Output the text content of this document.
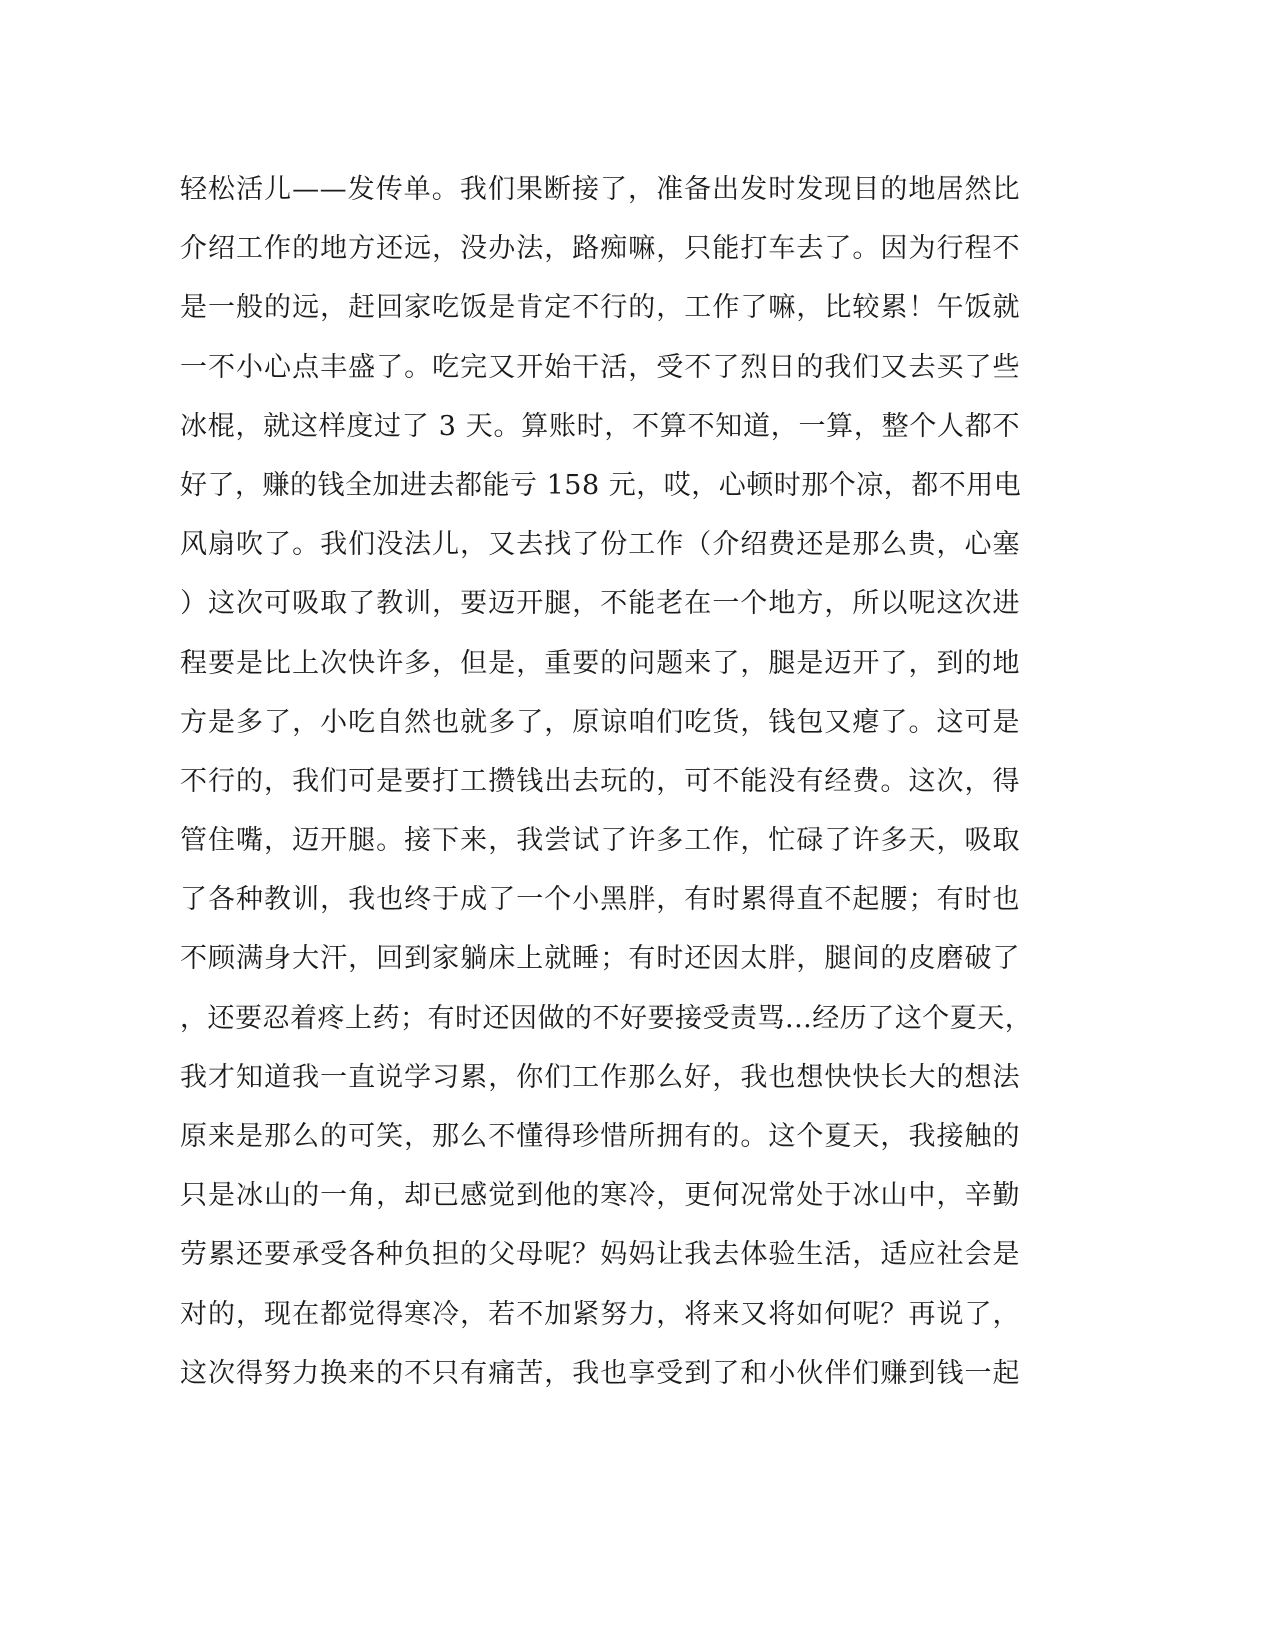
轻松活儿——发传单。我们果断接了，准备出发时发现目的地居然比
介绍工作的地方还远，没办法，路痴嘛，只能打车去了。因为行程不
是一般的远，赶回家吃饭是肯定不行的，工作了嘛，比较累！午饭就
一不小心点丰盛了。吃完又开始干活，受不了烈日的我们又去买了些
冰棍，就这样度过了 3 天。算账时，不算不知道，一算，整个人都不
好了，赚的钱全加进去都能亏 158 元，哎，心顿时那个凉，都不用电
风扇吹了。我们没法儿，又去找了份工作（介绍费还是那么贵，心塞
）这次可吸取了教训，要迈开腿，不能老在一个地方，所以呢这次进
程要是比上次快许多，但是，重要的问题来了，腿是迈开了，到的地
方是多了，小吃自然也就多了，原谅咱们吃货，钱包又瘪了。这可是
不行的，我们可是要打工攒钱出去玩的，可不能没有经费。这次，得
管住嘴，迈开腿。接下来，我尝试了许多工作，忙碌了许多天，吸取
了各种教训，我也终于成了一个小黑胖，有时累得直不起腰；有时也
不顾满身大汗，回到家躺床上就睡；有时还因太胖，腿间的皮磨破了
，还要忍着疼上药；有时还因做的不好要接受责骂...经历了这个夏天，
我才知道我一直说学习累，你们工作那么好，我也想快快长大的想法
原来是那么的可笑，那么不懂得珍惜所拥有的。这个夏天，我接触的
只是冰山的一角，却已感觉到他的寒冷，更何况常处于冰山中，辛勤
劳累还要承受各种负担的父母呢？妈妈让我去体验生活，适应社会是
对的，现在都觉得寒冷，若不加紧努力，将来又将如何呢？再说了，
这次得努力换来的不只有痛苦，我也享受到了和小伙伴们赚到钱一起
